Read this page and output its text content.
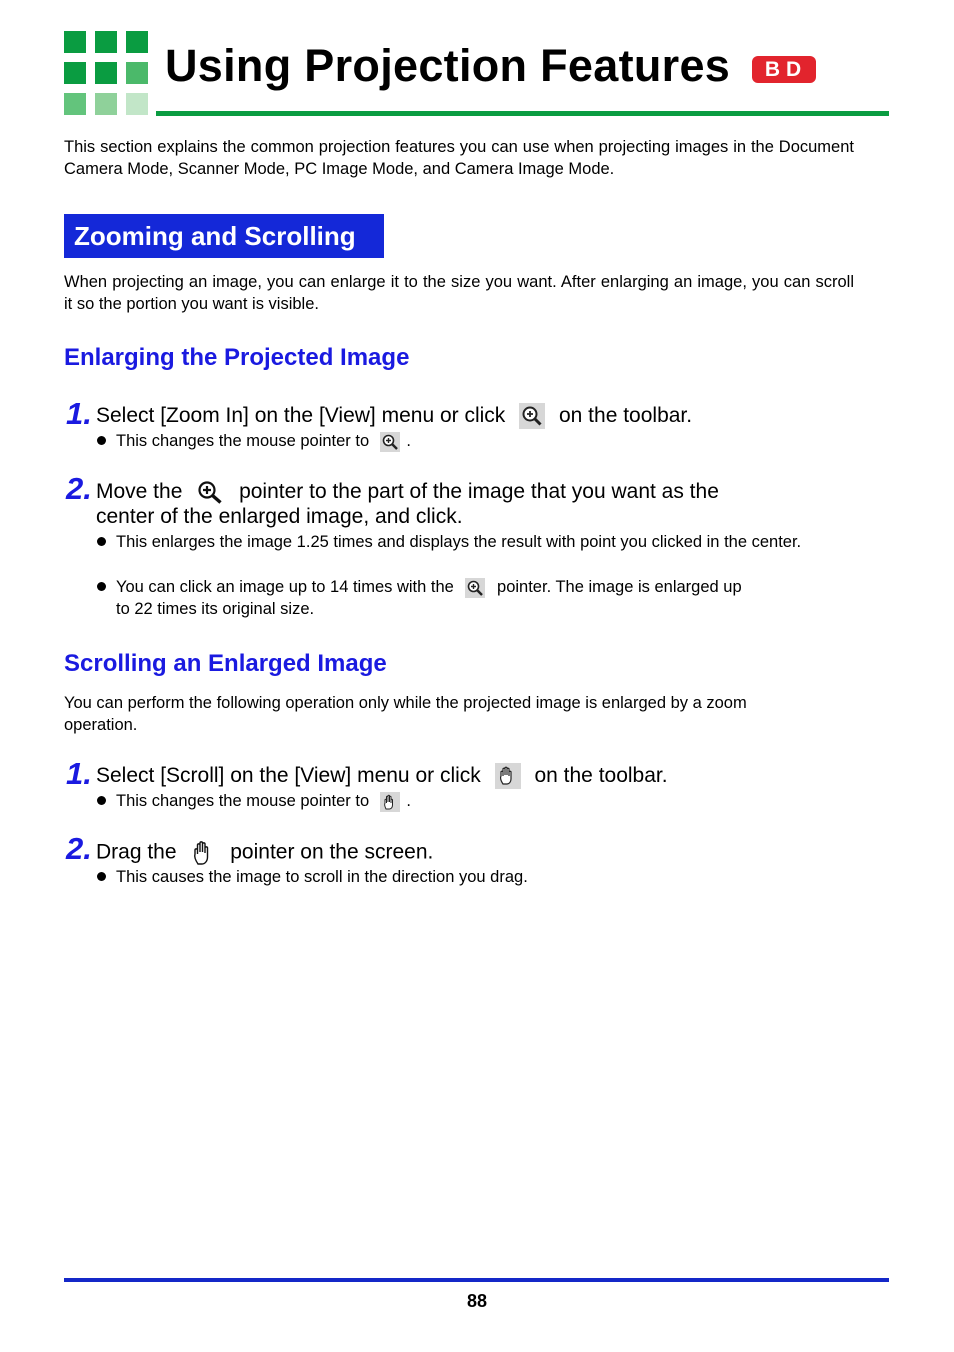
Using Projection Features	BD
This section explains the common projection features you can use when projecting images in the Document Camera Mode, Scanner Mode, PC Image Mode, and Camera Image Mode.
Zooming and Scrolling
When projecting an image, you can enlarge it to the size you want. After enlarging an image, you can scroll it so the portion you want is visible.
Enlarging the Projected Image
1. Select [Zoom In] on the [View] menu or click	on the toolbar.
This changes the mouse pointer to .
2. Move the	pointer to the part of the image that you want as the
center of the enlarged image, and click.
This enlarges the image 1.25 times and displays the result with point you clicked in the center.
You can click an image up to 14 times with the	pointer. The image is enlarged up
to 22 times its original size.
Scrolling an Enlarged Image
You can perform the following operation only while the projected image is enlarged by a zoom operation.
1. Select [Scroll] on the [View] menu or click	on the toolbar.
This changes the mouse pointer to .
2. Drag the	pointer on the screen.
This causes the image to scroll in the direction you drag.
88
